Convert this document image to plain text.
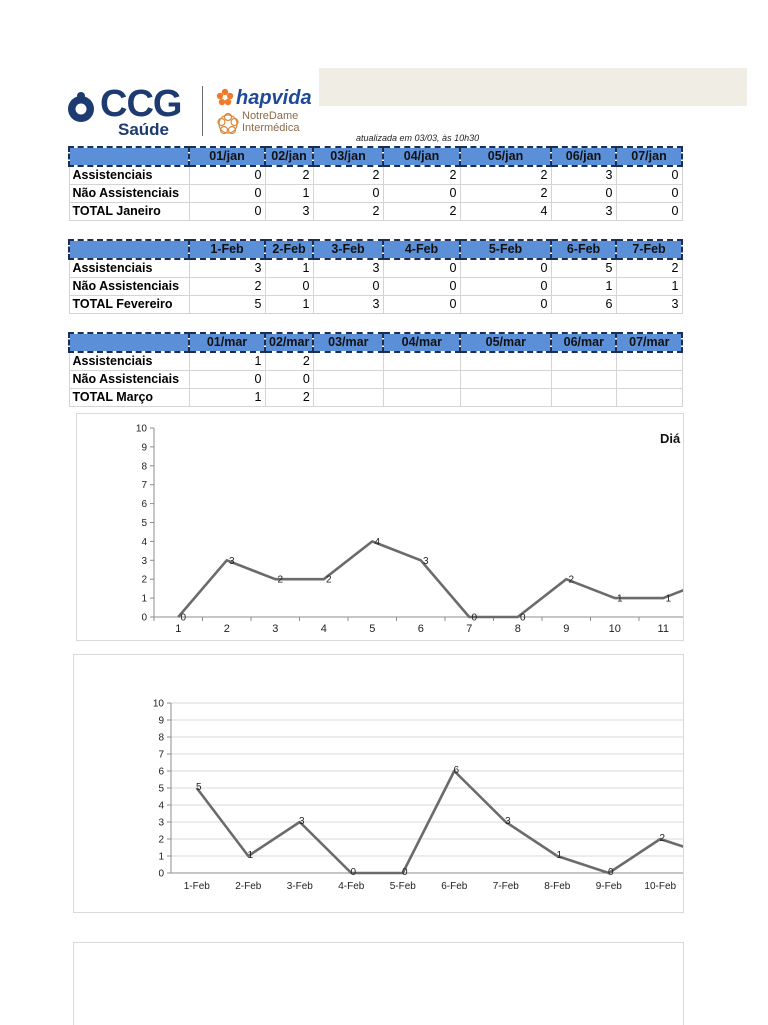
CCG
Saúde
hapvida
NotreDame
Intermédica
atualizada em 03/03, às 10h30
	01/jan	02/jan	03/jan	04/jan	05/jan	06/jan	07/jan
Assistenciais	0	2	2	2	2	3	0
Não Assistenciais	0	1	0	0	2	0	0
TOTAL Janeiro	0	3	2	2	4	3	0
	1-Feb	2-Feb	3-Feb	4-Feb	5-Feb	6-Feb	7-Feb
Assistenciais	3	1	3	0	0	5	2
Não Assistenciais	2	0	0	0	0	1	1
TOTAL Fevereiro	5	1	3	0	0	6	3
	01/mar	02/mar	03/mar	04/mar	05/mar	06/mar	07/mar
Assistenciais	1	2					
Não Assistenciais	0	0					
TOTAL Março	1	2					
0
1
2
3
4
5
6
7
8
9
10
1	2	3	4	5	6	7	8	9	10	11
0
3
2	2
4
3
0	0
2
1	1
Diá
0
1
2
3
4
5
6
7
8
9
10
1-Feb	2-Feb	3-Feb	4-Feb	5-Feb	6-Feb	7-Feb	8-Feb	9-Feb 10-Feb
5
1
3
0	0
6
3
1
0
2
